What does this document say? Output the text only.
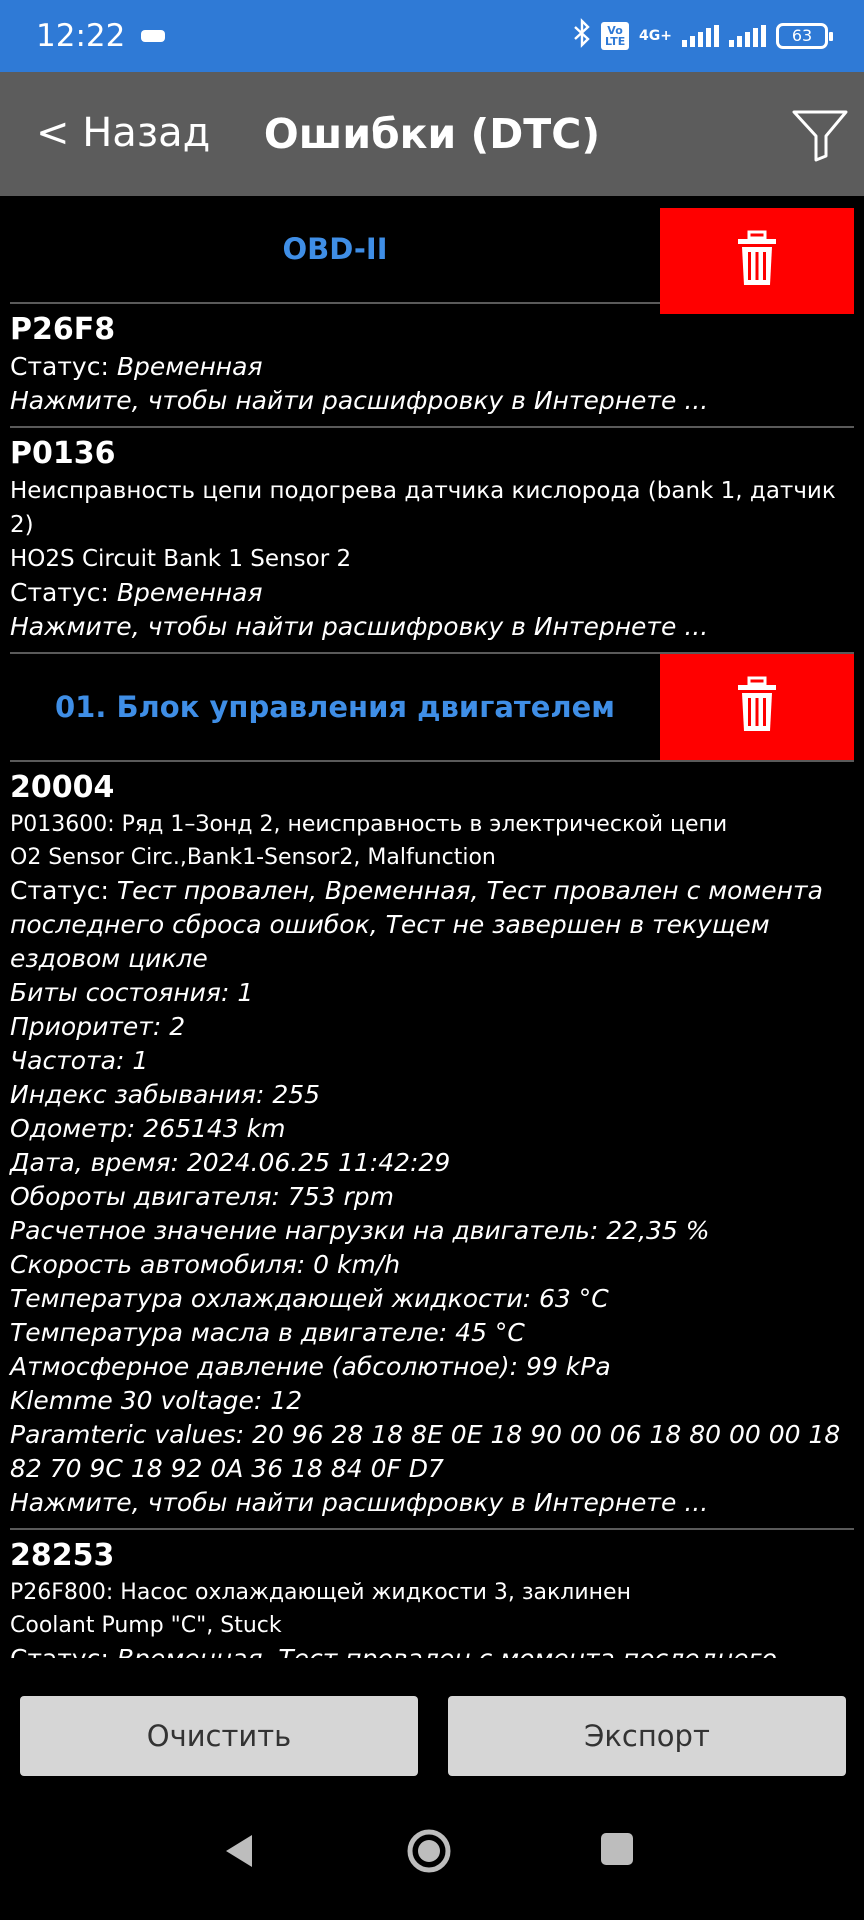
12:22	Vo LTE 4G+	63
< Назад	Ошибки (DTC)
OBD-II
P26F8
Статус: Временная
Нажмите, чтобы найти расшифровку в Интернете ...
P0136
Неисправность цепи подогрева датчика кислорода (bank 1, датчик 2)
HO2S Circuit Bank 1 Sensor 2
Статус: Временная
Нажмите, чтобы найти расшифровку в Интернете ...
01. Блок управления двигателем
20004
P013600: Ряд 1–Зонд 2, неисправность в электрической цепи
O2 Sensor Circ.,Bank1-Sensor2, Malfunction
Статус: Тест провален, Временная, Тест провален с момента
последнего сброса ошибок, Тест не завершен в текущем
ездовом цикле
Биты состояния: 1
Приоритет: 2
Частота: 1
Индекс забывания: 255
Одометр: 265143 km
Дата, время: 2024.06.25 11:42:29
Обороты двигателя: 753 rpm
Расчетное значение нагрузки на двигатель: 22,35 %
Скорость автомобиля: 0 km/h
Температура охлаждающей жидкости: 63 °C
Температура масла в двигателе: 45 °C
Атмосферное давление (абсолютное): 99 kPa
Klemme 30 voltage: 12
Paramteric values: 20 96 28 18 8E 0E 18 90 00 06 18 80 00 00 18
82 70 9C 18 92 0A 36 18 84 0F D7
Нажмите, чтобы найти расшифровку в Интернете ...
28253
P26F800: Насос охлаждающей жидкости 3, заклинен
Coolant Pump "C", Stuck
Очистить	Экспорт
